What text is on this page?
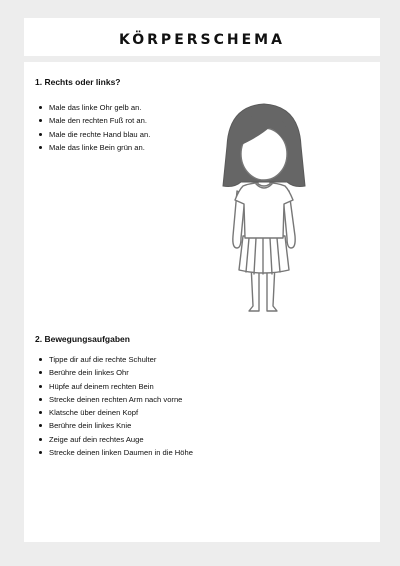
körperschema
1. Rechts oder links?
Male das linke Ohr gelb an.
Male den rechten Fuß rot an.
Male die rechte Hand blau an.
Male das linke Bein grün an.
2. Bewegungsaufgaben
Tippe dir auf die rechte Schulter
Berühre dein linkes Ohr
Hüpfe auf deinem rechten Bein
Strecke deinen rechten Arm nach vorne
Klatsche über deinen Kopf
Berühre dein linkes Knie
Zeige auf dein rechtes Auge
Strecke deinen linken Daumen in die Höhe
